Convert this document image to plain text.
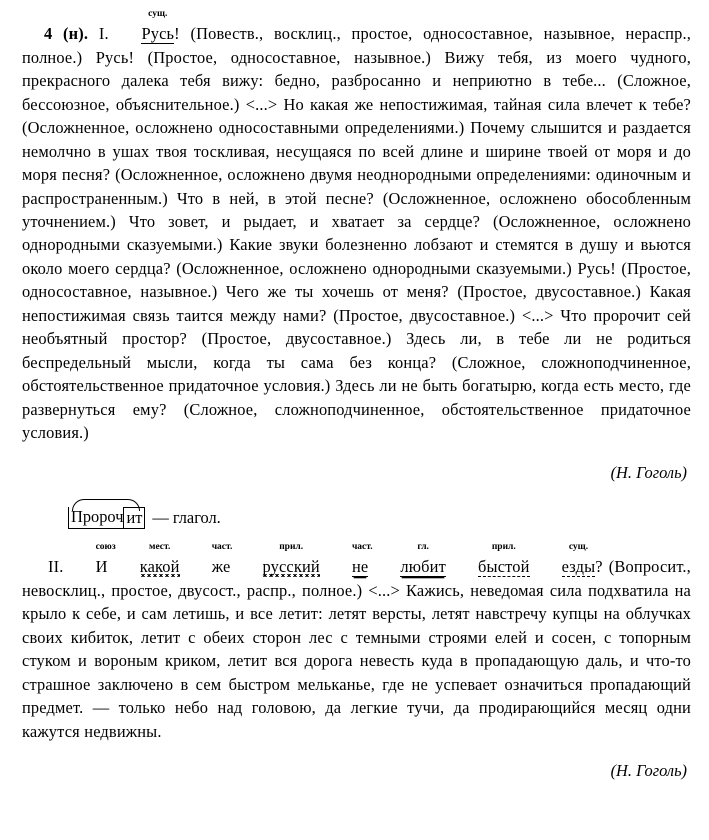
4 (н). I.
сущ.
Русь! (Повеств., восклиц., простое, односоставное, назывное, нераспр., полное.) Русь! (Простое, односоставное, назывное.) Вижу тебя, из моего чудного, прекрасного далека тебя вижу: бедно, разбросанно и неприютно в тебе... (Сложное, бессоюзное, объяснительное.) <...> Но какая же непостижимая, тайная сила влечет к тебе? (Осложненное, осложнено односоставными определениями.) Почему слышится и раздается немолчно в ушах твоя тоскливая, несущаяся по всей длине и ширине твоей от моря и до моря песня? (Осложненное, осложнено двумя неоднородными определениями: одиночным и распространенным.) Что в ней, в этой песне? (Осложненное, осложнено обособленным уточнением.) Что зовет, и рыдает, и хватает за сердце? (Осложненное, осложнено однородными сказуемыми.) Какие звуки болезненно лобзают и стемятся в душу и вьются около моего сердца? (Осложненное, осложнено однородными сказуемыми.) Русь! (Простое, односоставное, назывное.) Чего же ты хочешь от меня? (Простое, двусоставное.) Какая непостижимая связь таится между нами? (Простое, двусоставное.) <...> Что пророчит сей необъятный простор? (Простое, двусоставное.) Здесь ли, в тебе ли не родиться беспредельный мысли, когда ты сама без конца? (Сложное, сложноподчиненное, обстоятельственное придаточное условия.) Здесь ли не быть богатырю, когда есть место, где развернуться ему? (Сложное, сложноподчиненное, обстоятельственное придаточное условия.)

(Н. Гоголь)
Пророч ит — глагол.

II.
союз
И
мест.
какой
част.
же
прил.
русский
част.
не
гл.
любит
прил.
быстой
сущ.
езды? (Вопросит., невосклиц., простое, двусост., распр., полное.) <...> Кажись, неведомая сила подхватила на крыло к себе, и сам летишь, и все летит: летят версты, летят навстречу купцы на облучках своих кибиток, летит с обеих сторон лес с темными строями елей и сосен, с топорным стуком и вороным криком, летит вся дорога невесть куда в пропадающую даль, и что-то страшное заключено в сем быстром мельканье, где не успевает означиться пропадающий предмет. — только небо над головою, да легкие тучи, да продирающийся месяц одни кажутся недвижны.

(Н. Гоголь)
